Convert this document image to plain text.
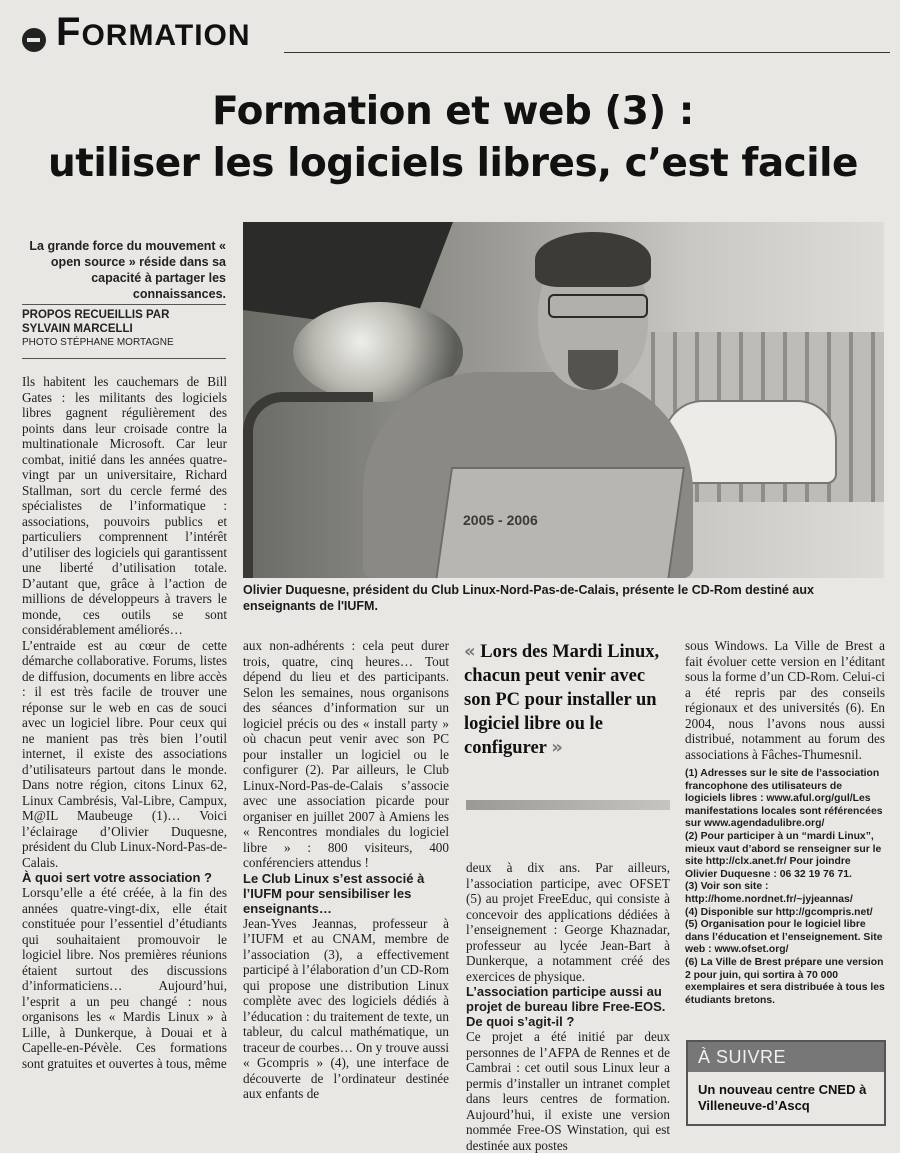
FORMATION
Formation et web (3) :
utiliser les logiciels libres, c’est facile
La grande force du mouvement « open source » réside dans sa capacité à partager les connaissances.
PROPOS RECUEILLIS PAR
SYLVAIN MARCELLI
PHOTO STÉPHANE MORTAGNE
2005 - 2006
Olivier Duquesne, président du Club Linux-Nord-Pas-de-Calais, présente le CD-Rom destiné aux enseignants de l'IUFM.

Ils habitent les cauchemars de Bill Gates : les militants des logiciels libres gagnent régulièrement des points dans leur croisade contre la multinationale Microsoft. Car leur combat, initié dans les années quatre-vingt par un universitaire, Richard Stallman, sort du cercle fermé des spécialistes de l’informatique : associations, pouvoirs publics et particuliers comprennent l’intérêt d’utiliser des logiciels qui garantissent une liberté d’utilisation totale. D’autant que, grâce à l’action de millions de développeurs à travers le monde, ces outils se sont considérablement améliorés…

L’entraide est au cœur de cette démarche collaborative. Forums, listes de diffusion, documents en libre accès : il est très facile de trouver une réponse sur le web en cas de souci avec un logiciel libre. Pour ceux qui ne manient pas très bien l’outil internet, il existe des associations d’utilisateurs partout dans le monde. Dans notre région, citons Linux 62, Linux Cambrésis, Val-Libre, Campux, M@IL Maubeuge (1)… Voici l’éclairage d’Olivier Duquesne, président du Club Linux-Nord-Pas-de-Calais.

À quoi sert votre association ?

Lorsqu’elle a été créée, à la fin des années quatre-vingt-dix, elle était constituée pour l’essentiel d’étudiants qui souhaitaient promouvoir le logiciel libre. Nos premières réunions étaient surtout des discussions d’informaticiens… Aujourd’hui, l’esprit a un peu changé : nous organisons les « Mardis Linux » à Lille, à Dunkerque, à Douai et à Capelle-en-Pévèle. Ces formations sont gratuites et ouvertes à tous, même

aux non-adhérents : cela peut durer trois, quatre, cinq heures… Tout dépend du lieu et des participants. Selon les semaines, nous organisons des séances d’information sur un logiciel précis ou des « install party » où chacun peut venir avec son PC pour installer un logiciel ou le configurer (2). Par ailleurs, le Club Linux-Nord-Pas-de-Calais s’associe avec une association picarde pour organiser en juillet 2007 à Amiens les « Rencontres mondiales du logiciel libre » : 800 visiteurs, 400 conférenciers attendus !

Le Club Linux s’est associé à l’IUFM pour sensibiliser les enseignants…

Jean-Yves Jeannas, professeur à l’IUFM et au CNAM, membre de l’association (3), a effectivement participé à l’élaboration d’un CD-Rom qui propose une distribution Linux complète avec des logiciels dédiés à l’éducation : du traitement de texte, un tableur, du calcul mathématique, un traceur de courbes… On y trouve aussi « Gcompris » (4), une interface de découverte de l’ordinateur destinée aux enfants de

« Lors des Mardi Linux, chacun peut venir avec son PC pour installer un logiciel libre ou le configurer »

deux à dix ans. Par ailleurs, l’association participe, avec OFSET (5) au projet FreeEduc, qui consiste à concevoir des applications dédiées à l’enseignement : George Khaznadar, professeur au lycée Jean-Bart à Dunkerque, a notamment créé des exercices de physique.

L’association participe aussi au projet de bureau libre Free-EOS. De quoi s’agit-il ?

Ce projet a été initié par deux personnes de l’AFPA de Rennes et de Cambrai : cet outil sous Linux leur a permis d’installer un intranet complet dans leurs centres de formation. Aujourd’hui, il existe une version nommée Free-OS Winstation, qui est destinée aux postes

sous Windows. La Ville de Brest a fait évoluer cette version en l’éditant sous la forme d’un CD-Rom. Celui-ci a été repris par des conseils régionaux et des universités (6). En 2004, nous l’avons nous aussi distribué, notamment au forum des associations à Fâches-Thumesnil.

(1) Adresses sur le site de l’association francophone des utilisateurs de logiciels libres : www.aful.org/gul/Les manifestations locales sont référencées sur www.agendadulibre.org/

(2) Pour participer à un “mardi Linux”, mieux vaut d’abord se renseigner sur le site http://clx.anet.fr/ Pour joindre Olivier Duquesne : 06 32 19 76 71.

(3) Voir son site : http://home.nordnet.fr/~jyjeannas/

(4) Disponible sur http://gcompris.net/

(5) Organisation pour le logiciel libre dans l’éducation et l’enseignement. Site web : www.ofset.org/

(6) La Ville de Brest prépare une version 2 pour juin, qui sortira à 70 000 exemplaires et sera distribuée à tous les étudiants bretons.

À SUIVRE
Un nouveau centre CNED à Villeneuve-d’Ascq
